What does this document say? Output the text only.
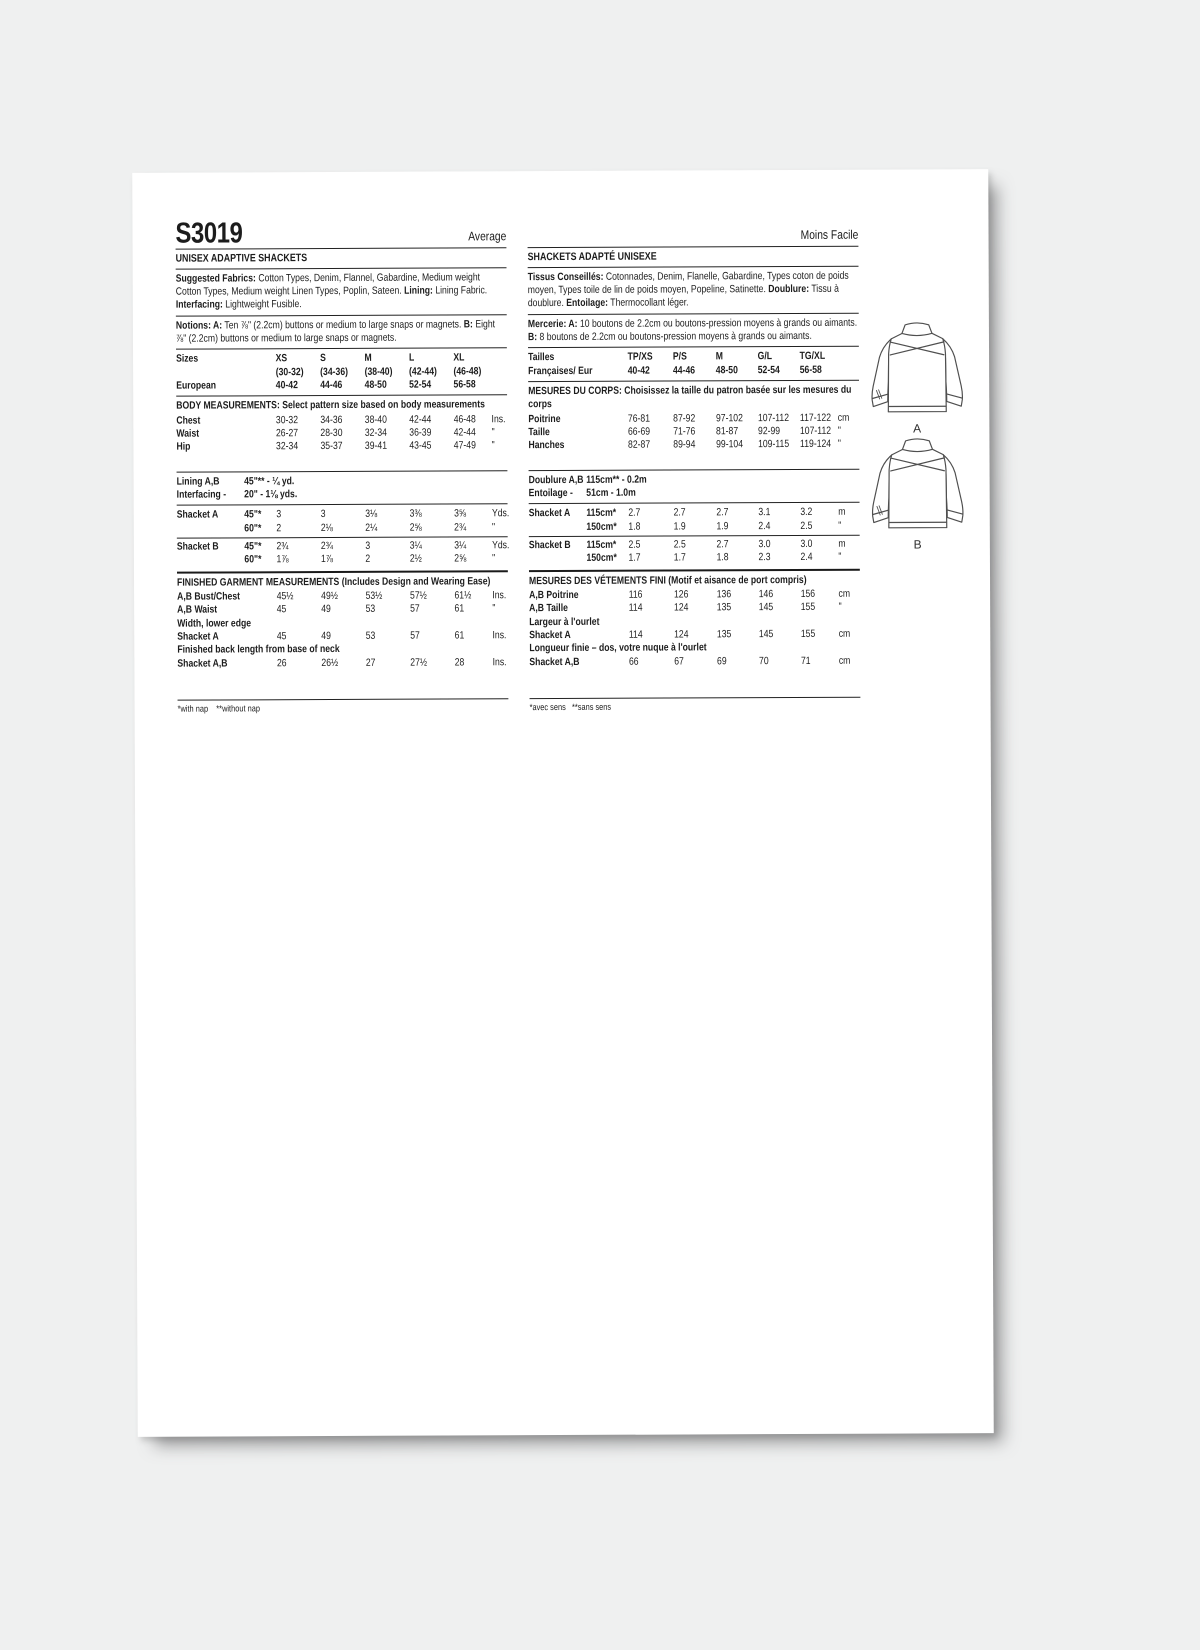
S3019	Average
UNISEX ADAPTIVE SHACKETS
Suggested Fabrics: Cotton Types, Denim, Flannel, Gabardine, Medium weight Cotton Types, Medium weight Linen Types, Poplin, Sateen. Lining: Lining Fabric. Interfacing: Lightweight Fusible.
Notions: A: Ten ⅞" (2.2cm) buttons or medium to large snaps or magnets. B: Eight ⅞" (2.2cm) buttons or medium to large snaps or magnets.
Sizes	XS	S	M	L	XL
(30-32)	(34-36)	(38-40)	(42-44)	(46-48)
European	40-42	44-46	48-50	52-54	56-58
BODY MEASUREMENTS: Select pattern size based on body measurements
Chest	30-32	34-36	38-40	42-44	46-48	Ins.
Waist	26-27	28-30	32-34	36-39	42-44	"
Hip	32-34	35-37	39-41	43-45	47-49	"
Lining A,B	45"** - ¼ yd.
Interfacing -	20" - 1⅛ yds.
Shacket A	45"*	3	3	3⅛	3⅜	3⅝	Yds.
60"*	2	2⅛	2¼	2⅝	2¾	"
Shacket B	45"*	2¾	2¾	3	3¼	3¼	Yds.
60"*	1⅞	1⅞	2	2½	2⅝	"
FINISHED GARMENT MEASUREMENTS (Includes Design and Wearing Ease)
A,B Bust/Chest	45½	49½	53½	57½	61½	Ins.
A,B Waist	45	49	53	57	61	"
Width, lower edge
Shacket A	45	49	53	57	61	Ins.
Finished back length from base of neck
Shacket A,B	26	26½	27	27½	28	Ins.
*with nap    **without nap
Moins Facile
SHACKETS ADAPTÉ UNISEXE
Tissus Conseillés: Cotonnades, Denim, Flanelle, Gabardine, Types coton de poids moyen, Types toile de lin de poids moyen, Popeline, Satinette. Doublure: Tissu à doublure. Entoilage: Thermocollant léger.
Mercerie: A: 10 boutons de 2.2cm ou boutons-pression moyens à grands ou aimants. B: 8 boutons de 2.2cm ou boutons-pression moyens à grands ou aimants.
Tailles	TP/XS	P/S	M	G/L	TG/XL
Françaises/ Eur	40-42	44-46	48-50	52-54	56-58
MESURES DU CORPS: Choisissez la taille du patron basée sur les mesures du corps
Poitrine	76-81	87-92	97-102	107-112	117-122 cm
Taille	66-69	71-76	81-87	92-99	107-112 "
Hanches	82-87	89-94	99-104	109-115	119-124 "
Doublure A,B 115cm** - 0.2m
Entoilage -	51cm - 1.0m
Shacket A	115cm*	2.7	2.7	2.7	3.1	3.2	m
150cm*	1.8	1.9	1.9	2.4	2.5	"
Shacket B	115cm*	2.5	2.5	2.7	3.0	3.0	m
150cm*	1.7	1.7	1.8	2.3	2.4	"
MESURES DES VÉTEMENTS FINI (Motif et aisance de port compris)
A,B Poitrine	116	126	136	146	156	cm
A,B Taille	114	124	135	145	155	"
Largeur à l'ourlet
Shacket A	114	124	135	145	155	cm
Longueur finie – dos, votre nuque à l'ourlet
Shacket A,B	66	67	69	70	71	cm
*avec sens   **sans sens
A
B
